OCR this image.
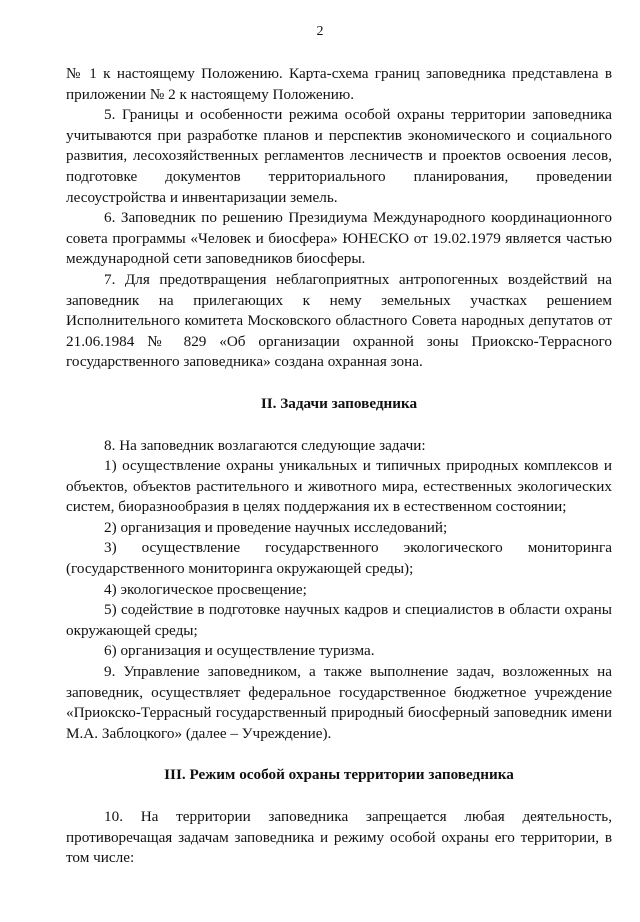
2

№ 1 к настоящему Положению. Карта-схема границ заповедника представлена в приложении № 2 к настоящему Положению.

5. Границы и особенности режима особой охраны территории заповедника учитываются при разработке планов и перспектив экономического и социального развития, лесохозяйственных регламентов лесничеств и проектов освоения лесов, подготовке документов территориального планирования, проведении лесоустройства и инвентаризации земель.

6. Заповедник по решению Президиума Международного координационного совета программы «Человек и биосфера» ЮНЕСКО от 19.02.1979 является частью международной сети заповедников биосферы.

7. Для предотвращения неблагоприятных антропогенных воздействий на заповедник на прилегающих к нему земельных участках решением Исполнительного комитета Московского областного Совета народных депутатов от 21.06.1984 № 829 «Об организации охранной зоны Приокско-Террасного государственного заповедника» создана охранная зона.

II. Задачи заповедника

8. На заповедник возлагаются следующие задачи:

1) осуществление охраны уникальных и типичных природных комплексов и объектов, объектов растительного и животного мира, естественных экологических систем, биоразнообразия в целях поддержания их в естественном состоянии;

2) организация и проведение научных исследований;

3) осуществление государственного экологического мониторинга (государственного мониторинга окружающей среды);

4) экологическое просвещение;

5) содействие в подготовке научных кадров и специалистов в области охраны окружающей среды;

6) организация и осуществление туризма.

9. Управление заповедником, а также выполнение задач, возложенных на заповедник, осуществляет федеральное государственное бюджетное учреждение «Приокско-Террасный государственный природный биосферный заповедник имени М.А. Заблоцкого» (далее – Учреждение).

III. Режим особой охраны территории заповедника

10. На территории заповедника запрещается любая деятельность, противоречащая задачам заповедника и режиму особой охраны его территории, в том числе:
